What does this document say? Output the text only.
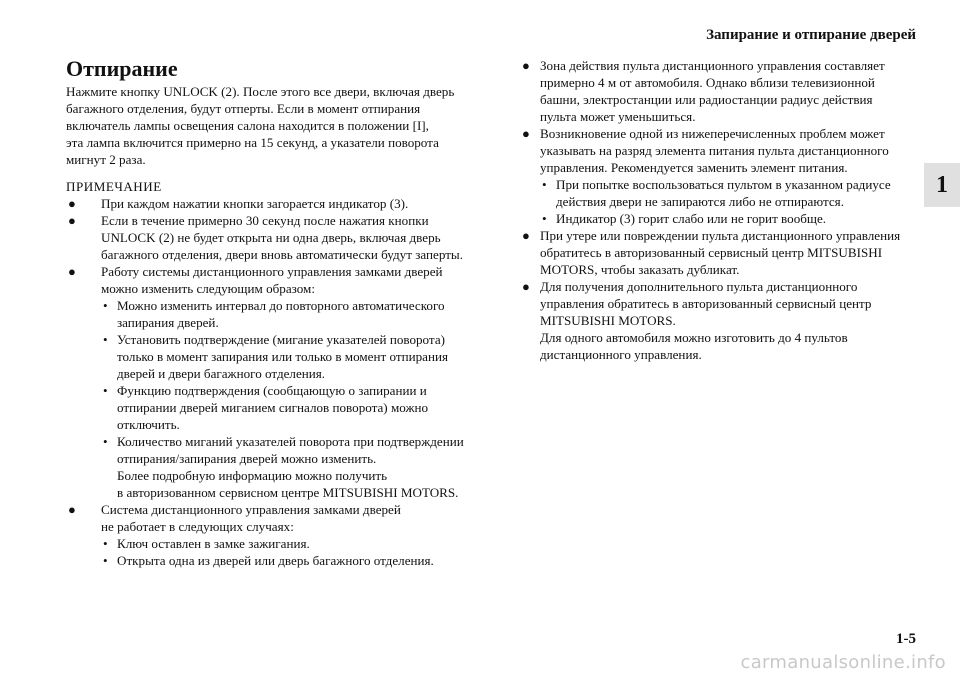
Запирание и отпирание дверей
1
Отпирание
Нажмите кнопку UNLOCK (2). После этого все двери, включая дверь
багажного отделения, будут отперты. Если в момент отпирания
включатель лампы освещения салона находится в положении [I],
эта лампа включится примерно на 15 секунд, а указатели поворота
мигнут 2 раза.
ПРИМЕЧАНИЕ
●	При каждом нажатии кнопки загорается индикатор (3).
●	Если в течение примерно 30 секунд после нажатия кнопки
UNLOCK (2) не будет открыта ни одна дверь, включая дверь
багажного отделения, двери вновь автоматически будут заперты.
●	Работу системы дистанционного управления замками дверей
можно изменить следующим образом:
• Можно изменить интервал до повторного автоматического
запирания дверей.
• Установить подтверждение (мигание указателей поворота)
только в момент запирания или только в момент отпирания
дверей и двери багажного отделения.
• Функцию подтверждения (сообщающую о запирании и
отпирании дверей миганием сигналов поворота) можно
отключить.
• Количество миганий указателей поворота при подтверждении
отпирания/запирания дверей можно изменить.
Более подробную информацию можно получить
в авторизованном сервисном центре MITSUBISHI MOTORS.
●	Система дистанционного управления замками дверей
не работает в следующих случаях:
• Ключ оставлен в замке зажигания.
• Открыта одна из дверей или дверь багажного отделения.
● Зона действия пульта дистанционного управления составляет
примерно 4 м от автомобиля. Однако вблизи телевизионной
башни, электростанции или радиостанции радиус действия
пульта может уменьшиться.
● Возникновение одной из нижеперечисленных проблем может
указывать на разряд элемента питания пульта дистанционного
управления. Рекомендуется заменить элемент питания.
• При попытке воспользоваться пультом в указанном радиусе
действия двери не запираются либо не отпираются.
• Индикатор (3) горит слабо или не горит вообще.
● При утере или повреждении пульта дистанционного управления
обратитесь в авторизованный сервисный центр MITSUBISHI
MOTORS, чтобы заказать дубликат.
● Для получения дополнительного пульта дистанционного
управления обратитесь в авторизованный сервисный центр
MITSUBISHI MOTORS.
Для одного автомобиля можно изготовить до 4 пультов
дистанционного управления.
1-5
carmanualsonline.info
